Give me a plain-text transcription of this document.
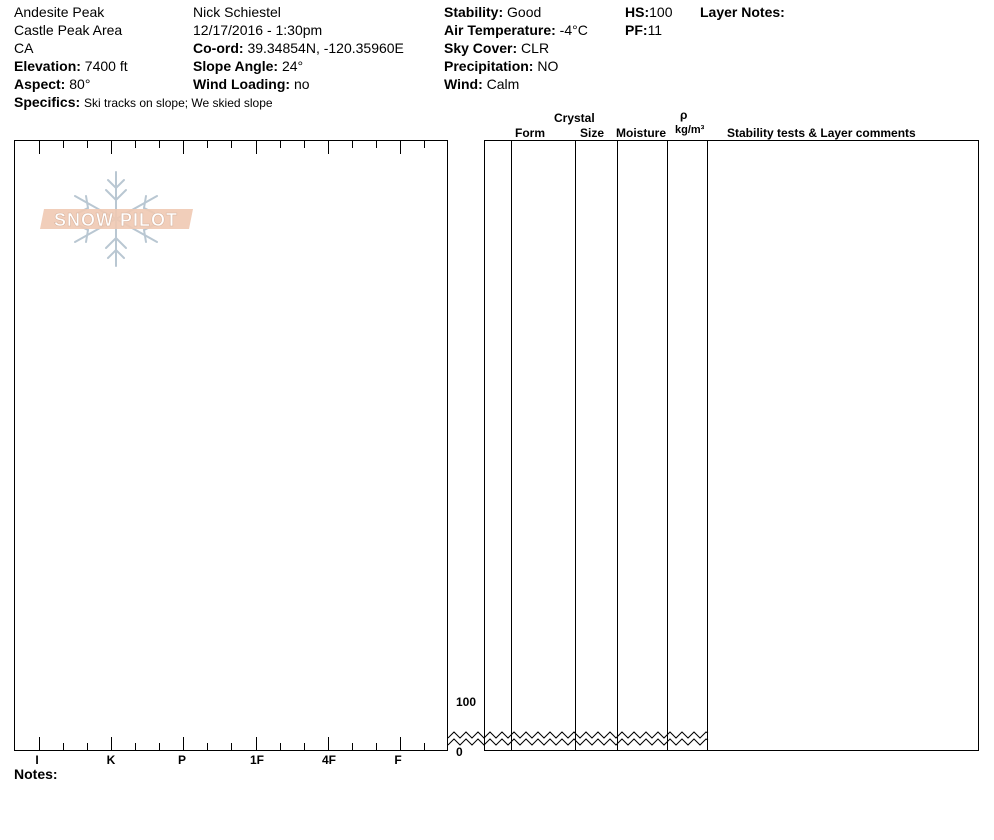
Andesite Peak
Castle Peak Area
CA
Elevation: 7400 ft
Aspect: 80°
Specifics: Ski tracks on slope; We skied slope
Nick Schiestel
12/17/2016 - 1:30pm
Co-ord: 39.34854N, -120.35960E
Slope Angle: 24°
Wind Loading: no
Stability: Good
Air Temperature: -4°C
Sky Cover: CLR
Precipitation: NO
Wind: Calm
HS:100
PF:11
Layer Notes:
Form
Crystal
Size Moisture
ρ
kg/m³ Stability tests & Layer comments
SNOW PILOT
100
0
I	K	P	1F	4F	F
Notes:
